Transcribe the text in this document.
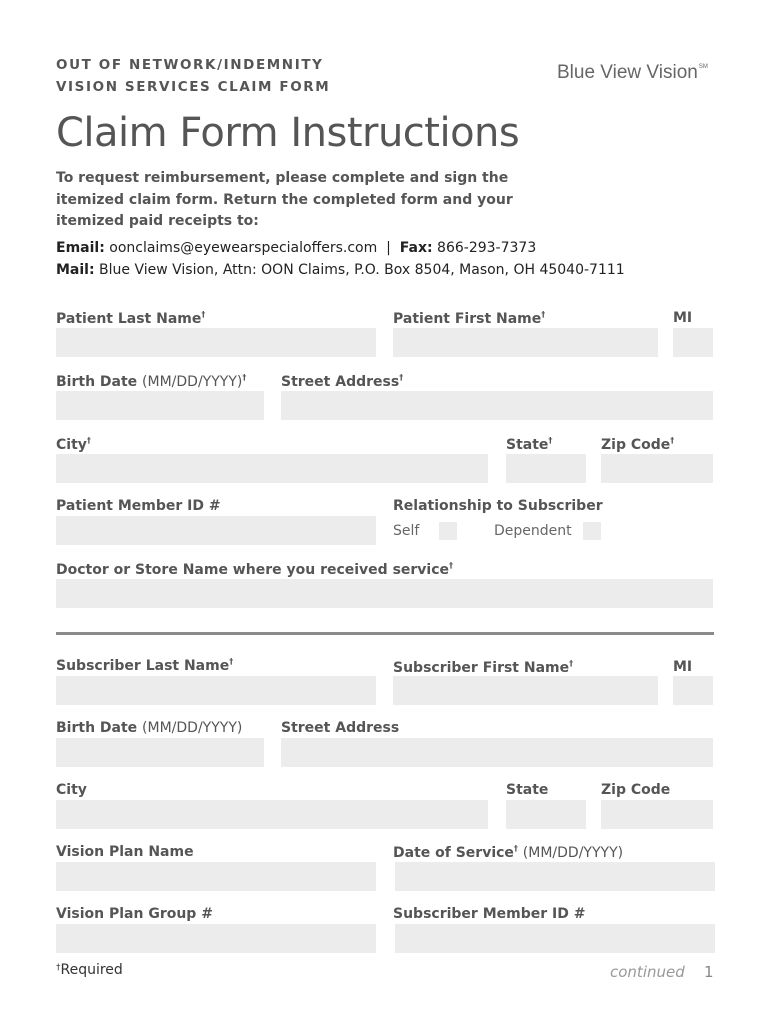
OUT OF NETWORK/INDEMNITY
VISION SERVICES CLAIM FORM
Blue View Vision℠
Claim Form Instructions
To request reimbursement, please complete and sign the itemized claim form. Return the completed form and your itemized paid receipts to:
Email: oonclaims@eyewearspecialoffers.com | Fax: 866-293-7373
Mail: Blue View Vision, Attn: OON Claims, P.O. Box 8504, Mason, OH 45040-7111
Patient Last Name†	Patient First Name†	MI
Birth Date (MM/DD/YYYY)† Street Address†
City†	State†	Zip Code†
Patient Member ID #	Relationship to Subscriber
Self	Dependent
Doctor or Store Name where you received service†
Subscriber Last Name†	Subscriber First Name†	MI
Birth Date (MM/DD/YYYY)	Street Address
City	State	Zip Code
Vision Plan Name	Date of Service† (MM/DD/YYYY)
Vision Plan Group #	Subscriber Member ID #
†Required	continued 1
